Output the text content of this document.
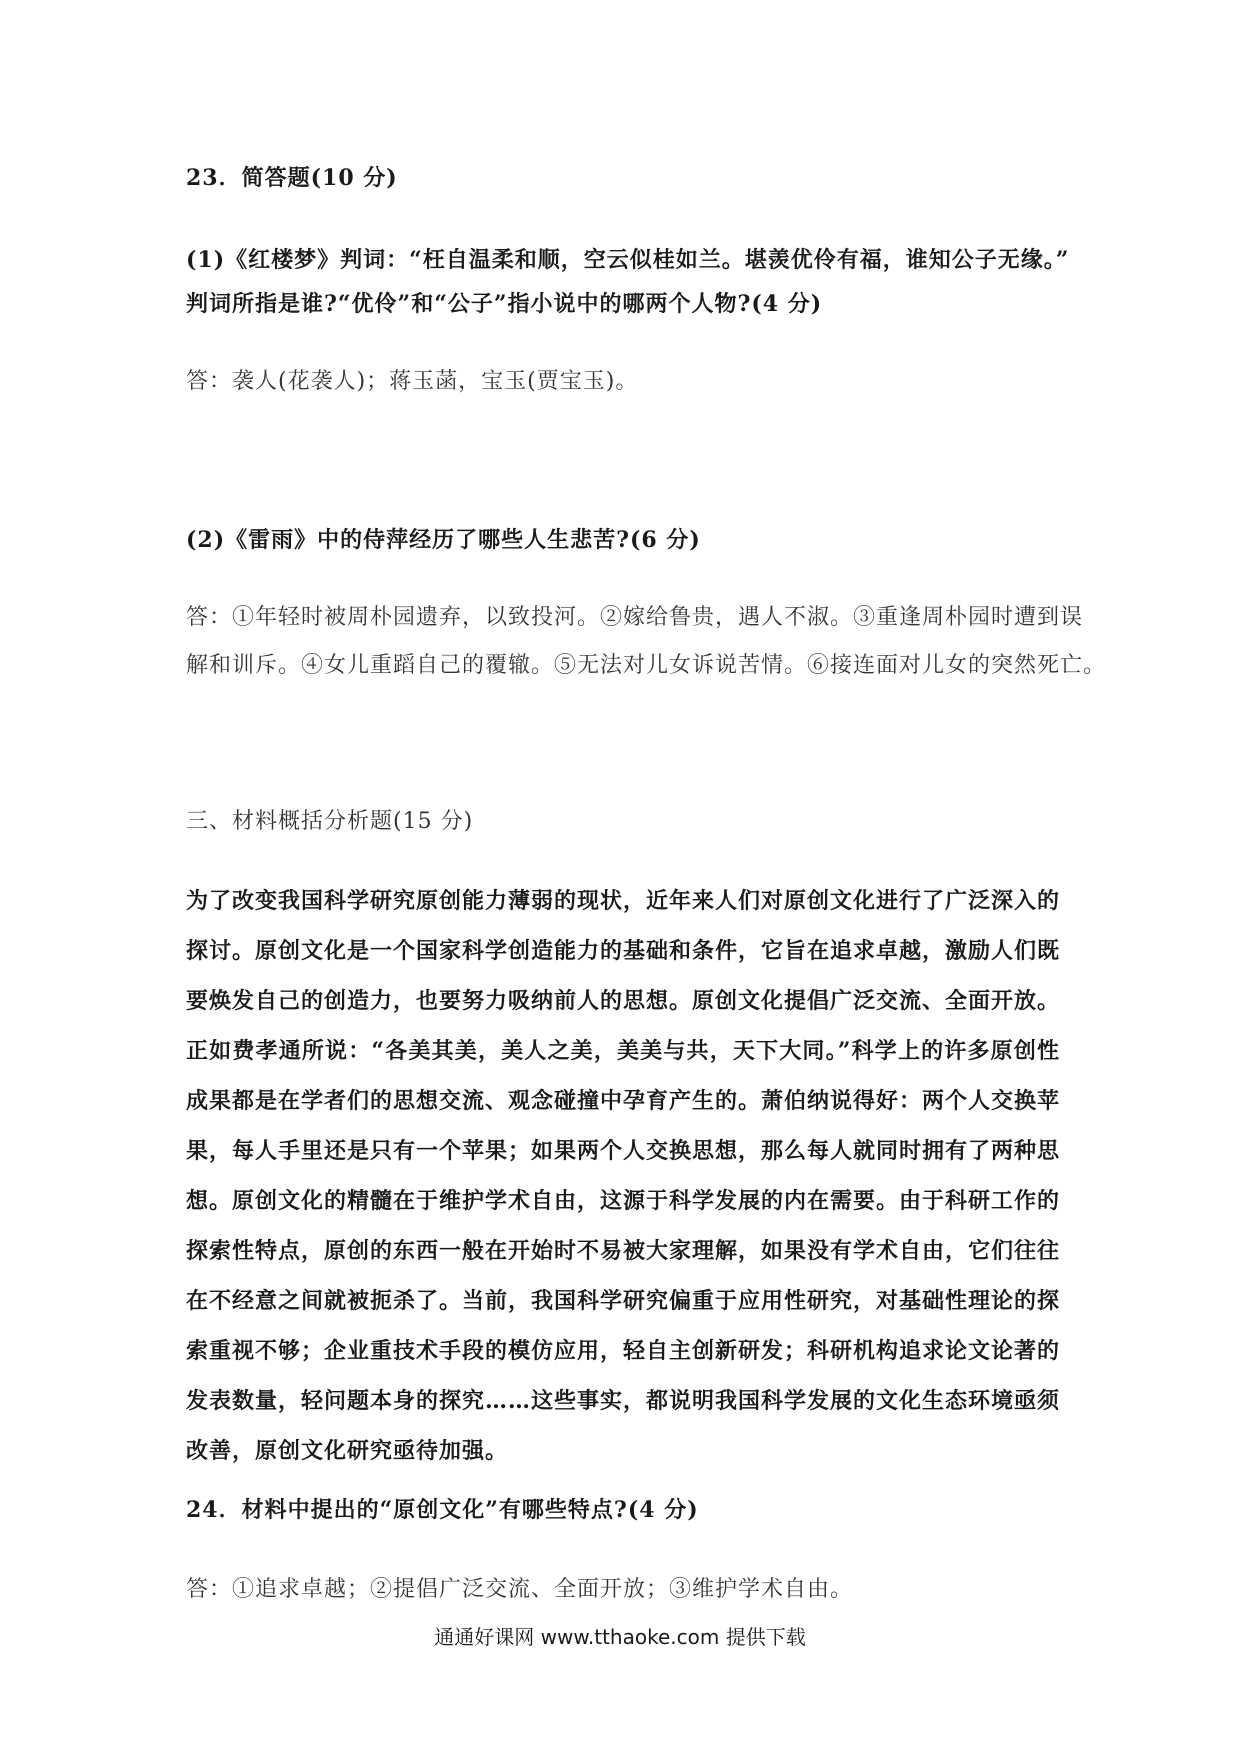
23．简答题(10 分)
(1)《红楼梦》判词：“枉自温柔和顺，空云似桂如兰。堪羡优伶有福，谁知公子无缘。”
判词所指是谁?“优伶”和“公子”指小说中的哪两个人物?(4 分)
答：袭人(花袭人)；蒋玉菡，宝玉(贾宝玉)。
(2)《雷雨》中的侍萍经历了哪些人生悲苦?(6 分)
答：①年轻时被周朴园遗弃，以致投河。②嫁给鲁贵，遇人不淑。③重逢周朴园时遭到误
解和训斥。④女儿重蹈自己的覆辙。⑤无法对儿女诉说苦情。⑥接连面对儿女的突然死亡。
三、材料概括分析题(15 分)
为了改变我国科学研究原创能力薄弱的现状，近年来人们对原创文化进行了广泛深入的探讨。原创文化是一个国家科学创造能力的基础和条件，它旨在追求卓越，激励人们既要焕发自己的创造力，也要努力吸纳前人的思想。原创文化提倡广泛交流、全面开放。正如费孝通所说：“各美其美，美人之美，美美与共，天下大同。”科学上的许多原创性成果都是在学者们的思想交流、观念碰撞中孕育产生的。萧伯纳说得好：两个人交换苹果，每人手里还是只有一个苹果；如果两个人交换思想，那么每人就同时拥有了两种思想。原创文化的精髓在于维护学术自由，这源于科学发展的内在需要。由于科研工作的探索性特点，原创的东西一般在开始时不易被大家理解，如果没有学术自由，它们往往在不经意之间就被扼杀了。当前，我国科学研究偏重于应用性研究，对基础性理论的探索重视不够；企业重技术手段的模仿应用，轻自主创新研发；科研机构追求论文论著的发表数量，轻问题本身的探究……这些事实，都说明我国科学发展的文化生态环境亟须改善，原创文化研究亟待加强。
24．材料中提出的“原创文化”有哪些特点?(4 分)
答：①追求卓越；②提倡广泛交流、全面开放；③维护学术自由。
通通好课网 www.tthaoke.com 提供下载
